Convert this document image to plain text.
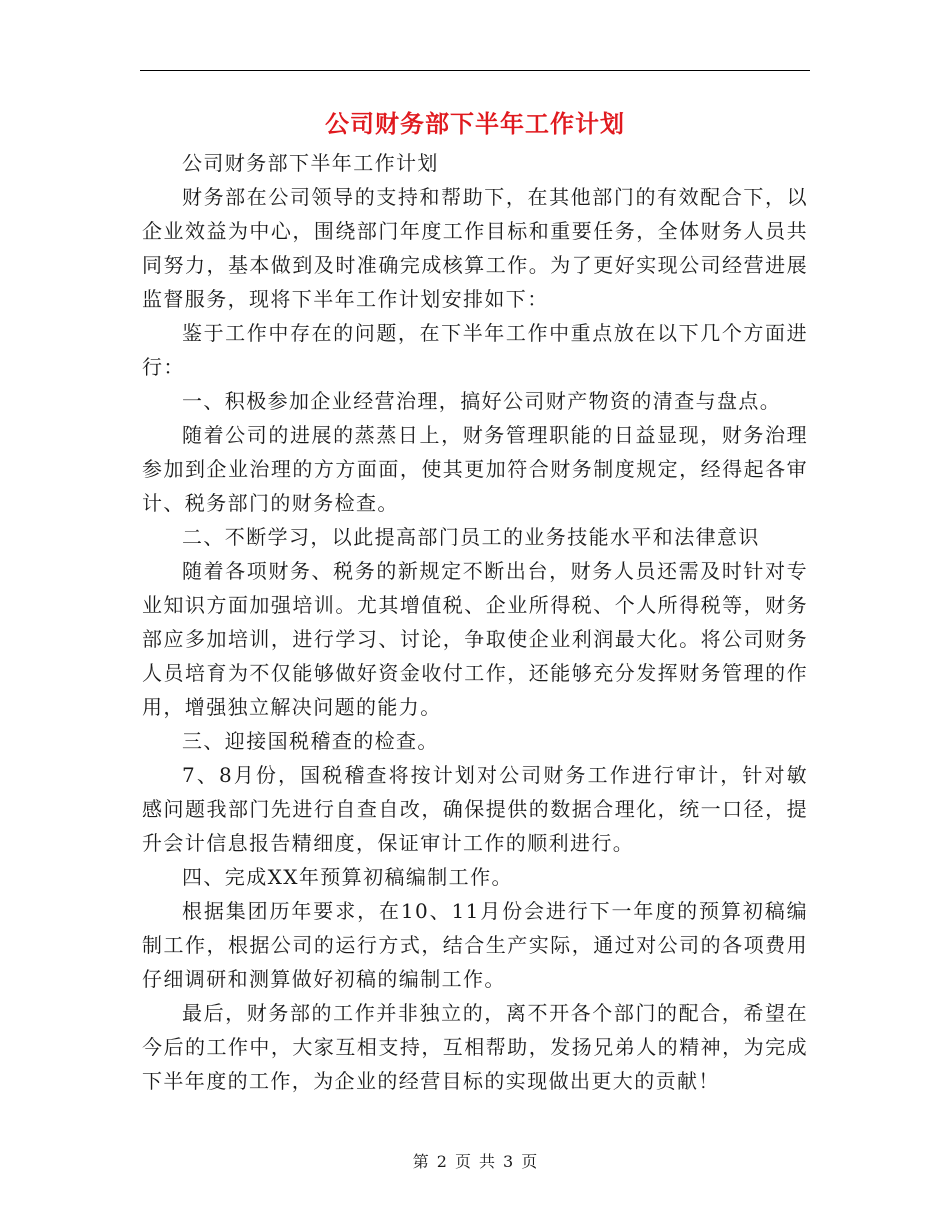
公司财务部下半年工作计划

公司财务部下半年工作计划

财务部在公司领导的支持和帮助下，在其他部门的有效配合下，以企业效益为中心，围绕部门年度工作目标和重要任务，全体财务人员共同努力，基本做到及时准确完成核算工作。为了更好实现公司经营进展监督服务，现将下半年工作计划安排如下：

鉴于工作中存在的问题，在下半年工作中重点放在以下几个方面进行：

一、积极参加企业经营治理，搞好公司财产物资的清查与盘点。

随着公司的进展的蒸蒸日上，财务管理职能的日益显现，财务治理参加到企业治理的方方面面，使其更加符合财务制度规定，经得起各审计、税务部门的财务检查。

二、不断学习，以此提高部门员工的业务技能水平和法律意识

随着各项财务、税务的新规定不断出台，财务人员还需及时针对专业知识方面加强培训。尤其增值税、企业所得税、个人所得税等，财务部应多加培训，进行学习、讨论，争取使企业利润最大化。将公司财务人员培育为不仅能够做好资金收付工作，还能够充分发挥财务管理的作用，增强独立解决问题的能力。

三、迎接国税稽查的检查。

7、8月份，国税稽查将按计划对公司财务工作进行审计，针对敏感问题我部门先进行自查自改，确保提供的数据合理化，统一口径，提升会计信息报告精细度，保证审计工作的顺利进行。

四、完成XX年预算初稿编制工作。

根据集团历年要求，在10、11月份会进行下一年度的预算初稿编制工作，根据公司的运行方式，结合生产实际，通过对公司的各项费用仔细调研和测算做好初稿的编制工作。

最后，财务部的工作并非独立的，离不开各个部门的配合，希望在今后的工作中，大家互相支持，互相帮助，发扬兄弟人的精神，为完成下半年度的工作，为企业的经营目标的实现做出更大的贡献！

第 2 页 共 3 页
